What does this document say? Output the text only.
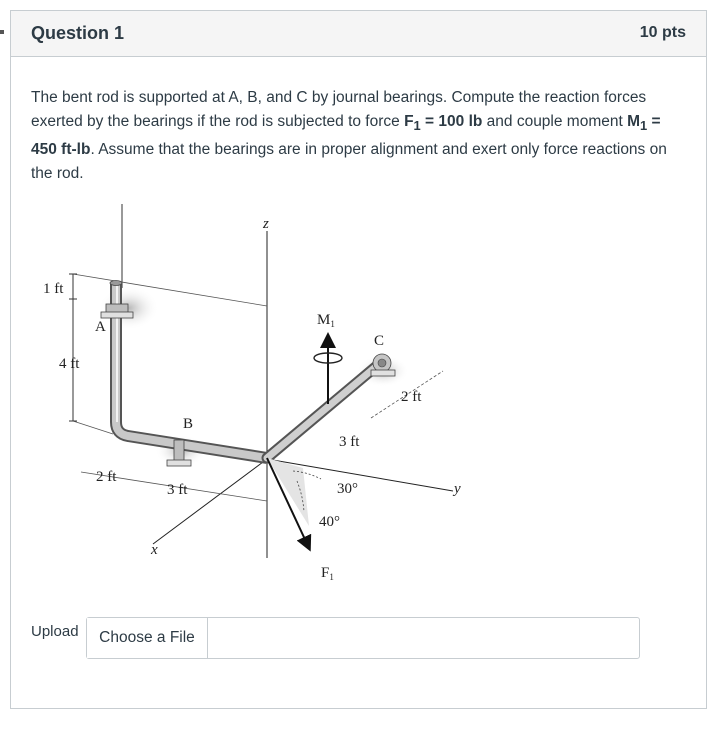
Question 1	10 pts
The bent rod is supported at A, B, and C by journal bearings. Compute the reaction forces exerted by the bearings if the rod is subjected to force $F_1 = 100$ lb and couple moment $M_1 = 450$ ft-lb. Assume that the bearings are in proper alignment and exert only force reactions on the rod.
z
x
y
$M_1$
$F_1$
1 ft
4 ft
2 ft
3 ft
3 ft
2 ft
A
B
C
30°
40°
Upload	Choose a File
